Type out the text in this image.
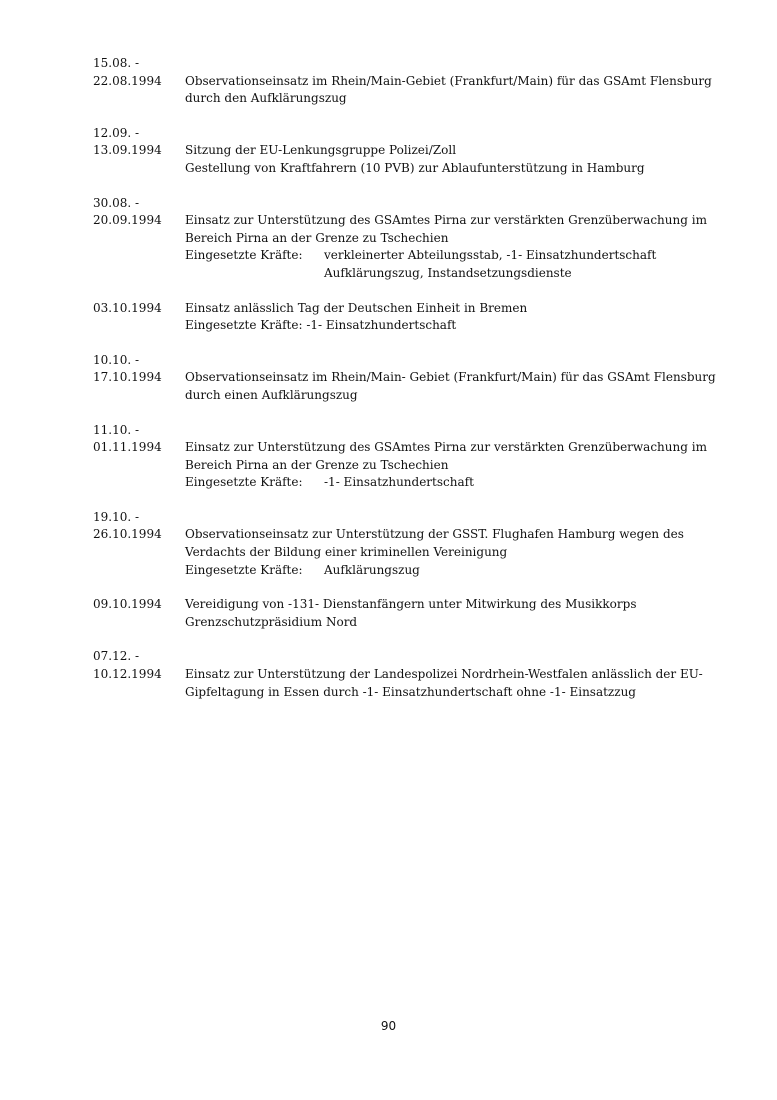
15.08. -
22.08.1994	Observationseinsatz im Rhein/Main-Gebiet (Frankfurt/Main) für das GSAmt Flensburg
durch den Aufklärungszug
12.09. -
13.09.1994	Sitzung der EU-Lenkungsgruppe Polizei/Zoll
Gestellung von Kraftfahrern (10 PVB) zur Ablaufunterstützung in Hamburg
30.08. -
20.09.1994	Einsatz zur Unterstützung des GSAmtes Pirna zur verstärkten Grenzüberwachung im
Bereich Pirna an der Grenze zu Tschechien
Eingesetzte Kräfte:	verkleinerter Abteilungsstab, -1- Einsatzhundertschaft
Aufklärungszug, Instandsetzungsdienste
03.10.1994	Einsatz anlässlich Tag der Deutschen Einheit in Bremen
Eingesetzte Kräfte: -1- Einsatzhundertschaft
10.10. -
17.10.1994	Observationseinsatz im Rhein/Main- Gebiet (Frankfurt/Main) für das GSAmt Flensburg
durch einen Aufklärungszug
11.10. -
01.11.1994	Einsatz zur Unterstützung des GSAmtes Pirna zur verstärkten Grenzüberwachung im
Bereich Pirna an der Grenze zu Tschechien
Eingesetzte Kräfte:	-1- Einsatzhundertschaft
19.10. -
26.10.1994	Observationseinsatz zur Unterstützung der GSST. Flughafen Hamburg wegen des
Verdachts der Bildung einer kriminellen Vereinigung
Eingesetzte Kräfte:	Aufklärungszug
09.10.1994	Vereidigung von -131- Dienstanfängern unter Mitwirkung des Musikkorps
Grenzschutzpräsidium Nord
07.12. -
10.12.1994	Einsatz zur Unterstützung der Landespolizei Nordrhein-Westfalen anlässlich der EU-
Gipfeltagung in Essen durch -1- Einsatzhundertschaft ohne -1- Einsatzzug
90
